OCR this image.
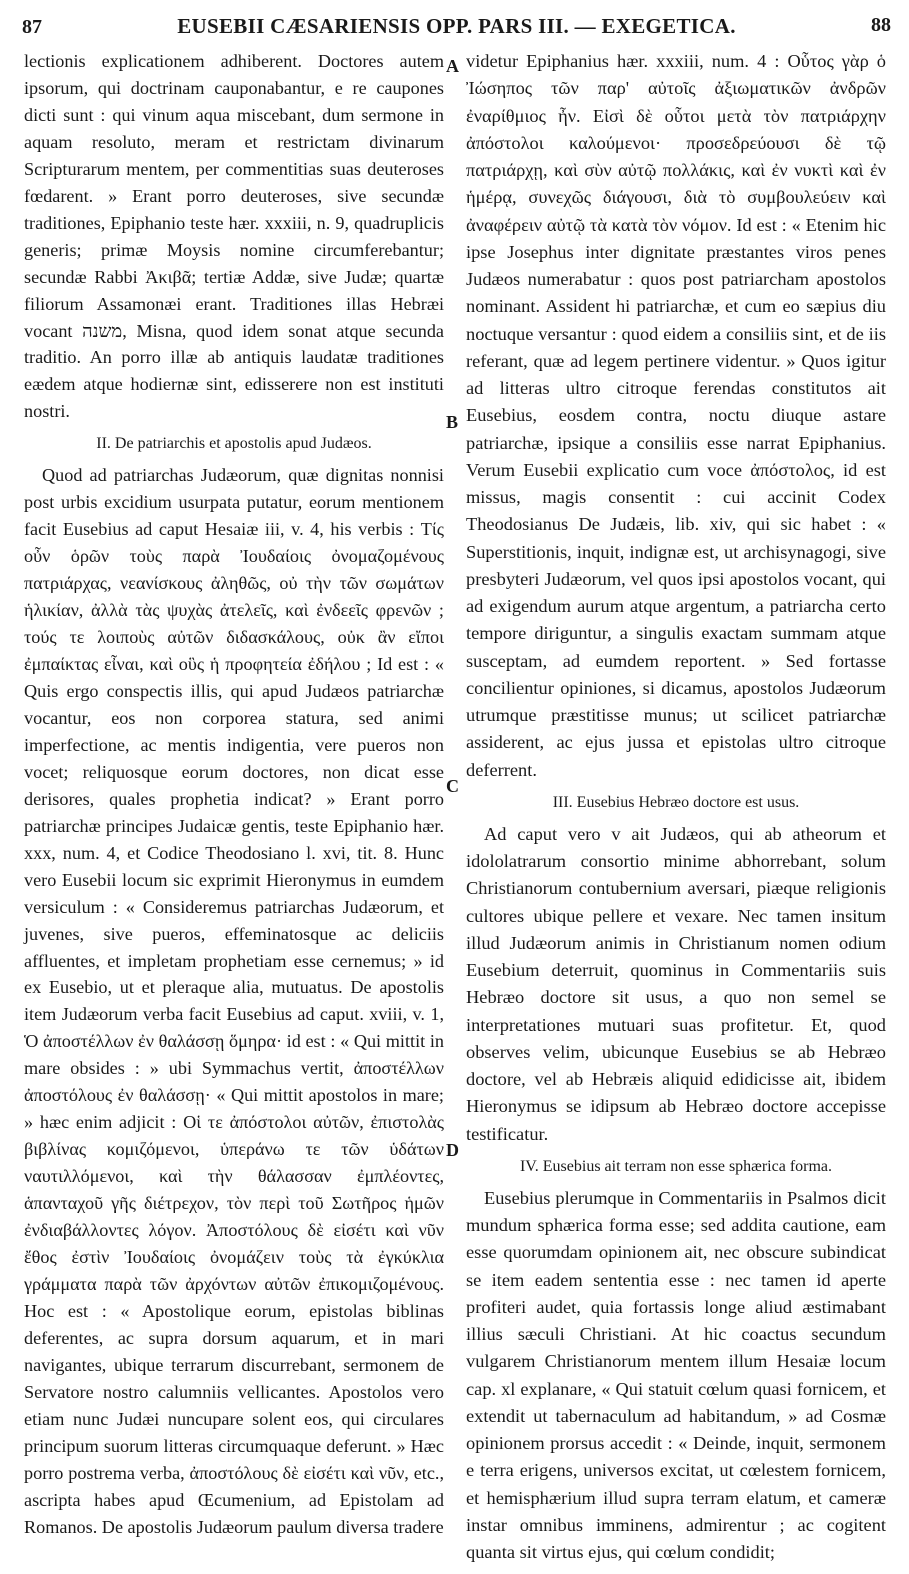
87	EUSEBII CÆSARIENSIS OPP. PARS III. — EXEGETICA.	88
A
B
C
D

lectionis explicationem adhiberent. Doctores autem ipsorum, qui doctrinam cauponabantur, e re caupones dicti sunt : qui vinum aqua miscebant, dum sermone in aquam resoluto, meram et restrictam divinarum Scripturarum mentem, per commentitias suas deuteroses fœdarent. » Erant porro deuteroses, sive secundæ traditiones, Epiphanio teste hær. xxxiii, n. 9, quadruplicis generis; primæ Moysis nomine circumferebantur; secundæ Rabbi Ἀκιβᾶ; tertiæ Addæ, sive Judæ; quartæ filiorum Assamonæi erant. Traditiones illas Hebræi vocant משנה, Misna, quod idem sonat atque secunda traditio. An porro illæ ab antiquis laudatæ traditiones eædem atque hodiernæ sint, edisserere non est instituti nostri.

II. De patriarchis et apostolis apud Judæos.

Quod ad patriarchas Judæorum, quæ dignitas nonnisi post urbis excidium usurpata putatur, eorum mentionem facit Eusebius ad caput Hesaiæ iii, v. 4, his verbis : Τίς οὖν ὁρῶν τοὺς παρὰ Ἰουδαίοις ὀνομαζομένους πατριάρχας, νεανίσκους ἀληθῶς, οὐ τὴν τῶν σωμάτων ἡλικίαν, ἀλλὰ τὰς ψυχὰς ἀτελεῖς, καὶ ἐνδεεῖς φρενῶν ; τούς τε λοιποὺς αὐτῶν διδασκάλους, οὐκ ἂν εἴποι ἐμπαίκτας εἶναι, καὶ οὓς ἡ προφητεία ἐδήλου ; Id est : « Quis ergo conspectis illis, qui apud Judæos patriarchæ vocantur, eos non corporea statura, sed animi imperfectione, ac mentis indigentia, vere pueros non vocet; reliquosque eorum doctores, non dicat esse derisores, quales prophetia indicat? » Erant porro patriarchæ principes Judaicæ gentis, teste Epiphanio hær. xxx, num. 4, et Codice Theodosiano l. xvi, tit. 8. Hunc vero Eusebii locum sic exprimit Hieronymus in eumdem versiculum : « Consideremus patriarchas Judæorum, et juvenes, sive pueros, effeminatosque ac deliciis affluentes, et impletam prophetiam esse cernemus; » id ex Eusebio, ut et pleraque alia, mutuatus. De apostolis item Judæorum verba facit Eusebius ad caput. xviii, v. 1, Ὁ ἀποστέλλων ἐν θαλάσσῃ ὅμηρα· id est : « Qui mittit in mare obsides : » ubi Symmachus vertit, ἀποστέλλων ἀποστόλους ἐν θαλάσσῃ· « Qui mittit apostolos in mare; » hæc enim adjicit : Οἱ τε ἀπόστολοι αὐτῶν, ἐπιστολὰς βιβλίνας κομιζόμενοι, ὑπεράνω τε τῶν ὑδάτων ναυτιλλόμενοι, καὶ τὴν θάλασσαν ἐμπλέοντες, ἁπανταχοῦ γῆς διέτρεχον, τὸν περὶ τοῦ Σωτῆρος ἡμῶν ἐνδιαβάλλοντες λόγον. Ἀποστόλους δὲ εἰσέτι καὶ νῦν ἔθος ἐστὶν Ἰουδαίοις ὀνομάζειν τοὺς τὰ ἐγκύκλια γράμματα παρὰ τῶν ἀρχόντων αὐτῶν ἐπικομιζομένους. Hoc est : « Apostolique eorum, epistolas biblinas deferentes, ac supra dorsum aquarum, et in mari navigantes, ubique terrarum discurrebant, sermonem de Servatore nostro calumniis vellicantes. Apostolos vero etiam nunc Judæi nuncupare solent eos, qui circulares principum suorum litteras circumquaque deferunt. » Hæc porro postrema verba, ἀποστόλους δὲ εἰσέτι καὶ νῦν, etc., ascripta habes apud Œcumenium, ad Epistolam ad Romanos. De apostolis Judæorum paulum diversa tradere

videtur Epiphanius hær. xxxiii, num. 4 : Οὗτος γὰρ ὁ Ἰώσηπος τῶν παρ' αὐτοῖς ἀξιωματικῶν ἀνδρῶν ἐναρίθμιος ἦν. Εἰσὶ δὲ οὗτοι μετὰ τὸν πατριάρχην ἀπόστολοι καλούμενοι· προσεδρεύουσι δὲ τῷ πατριάρχῃ, καὶ σὺν αὐτῷ πολλάκις, καὶ ἐν νυκτὶ καὶ ἐν ἡμέρᾳ, συνεχῶς διάγουσι, διὰ τὸ συμβουλεύειν καὶ ἀναφέρειν αὐτῷ τὰ κατὰ τὸν νόμον. Id est : « Etenim hic ipse Josephus inter dignitate præstantes viros penes Judæos numerabatur : quos post patriarcham apostolos nominant. Assident hi patriarchæ, et cum eo sæpius diu noctuque versantur : quod eidem a consiliis sint, et de iis referant, quæ ad legem pertinere videntur. » Quos igitur ad litteras ultro citroque ferendas constitutos ait Eusebius, eosdem contra, noctu diuque astare patriarchæ, ipsique a consiliis esse narrat Epiphanius. Verum Eusebii explicatio cum voce ἀπόστολος, id est missus, magis consentit : cui accinit Codex Theodosianus De Judæis, lib. xiv, qui sic habet : « Superstitionis, inquit, indignæ est, ut archisynagogi, sive presbyteri Judæorum, vel quos ipsi apostolos vocant, qui ad exigendum aurum atque argentum, a patriarcha certo tempore diriguntur, a singulis exactam summam atque susceptam, ad eumdem reportent. » Sed fortasse concilientur opiniones, si dicamus, apostolos Judæorum utrumque præstitisse munus; ut scilicet patriarchæ assiderent, ac ejus jussa et epistolas ultro citroque deferrent.

III. Eusebius Hebræo doctore est usus.

Ad caput vero v ait Judæos, qui ab atheorum et idololatrarum consortio minime abhorrebant, solum Christianorum contubernium aversari, piæque religionis cultores ubique pellere et vexare. Nec tamen insitum illud Judæorum animis in Christianum nomen odium Eusebium deterruit, quominus in Commentariis suis Hebræo doctore sit usus, a quo non semel se interpretationes mutuari suas profitetur. Et, quod observes velim, ubicunque Eusebius se ab Hebræo doctore, vel ab Hebræis aliquid edidicisse ait, ibidem Hieronymus se idipsum ab Hebræo doctore accepisse testificatur.

IV. Eusebius ait terram non esse sphærica forma.

Eusebius plerumque in Commentariis in Psalmos dicit mundum sphærica forma esse; sed addita cautione, eam esse quorumdam opinionem ait, nec obscure subindicat se item eadem sententia esse : nec tamen id aperte profiteri audet, quia fortassis longe aliud æstimabant illius sæculi Christiani. At hic coactus secundum vulgarem Christianorum mentem illum Hesaiæ locum cap. xl explanare, « Qui statuit cœlum quasi fornicem, et extendit ut tabernaculum ad habitandum, » ad Cosmæ opinionem prorsus accedit : « Deinde, inquit, sermonem e terra erigens, universos excitat, ut cœlestem fornicem, et hemisphærium illud supra terram elatum, et cameræ instar omnibus imminens, admirentur ; ac cogitent quanta sit virtus ejus, qui cœlum condidit;
